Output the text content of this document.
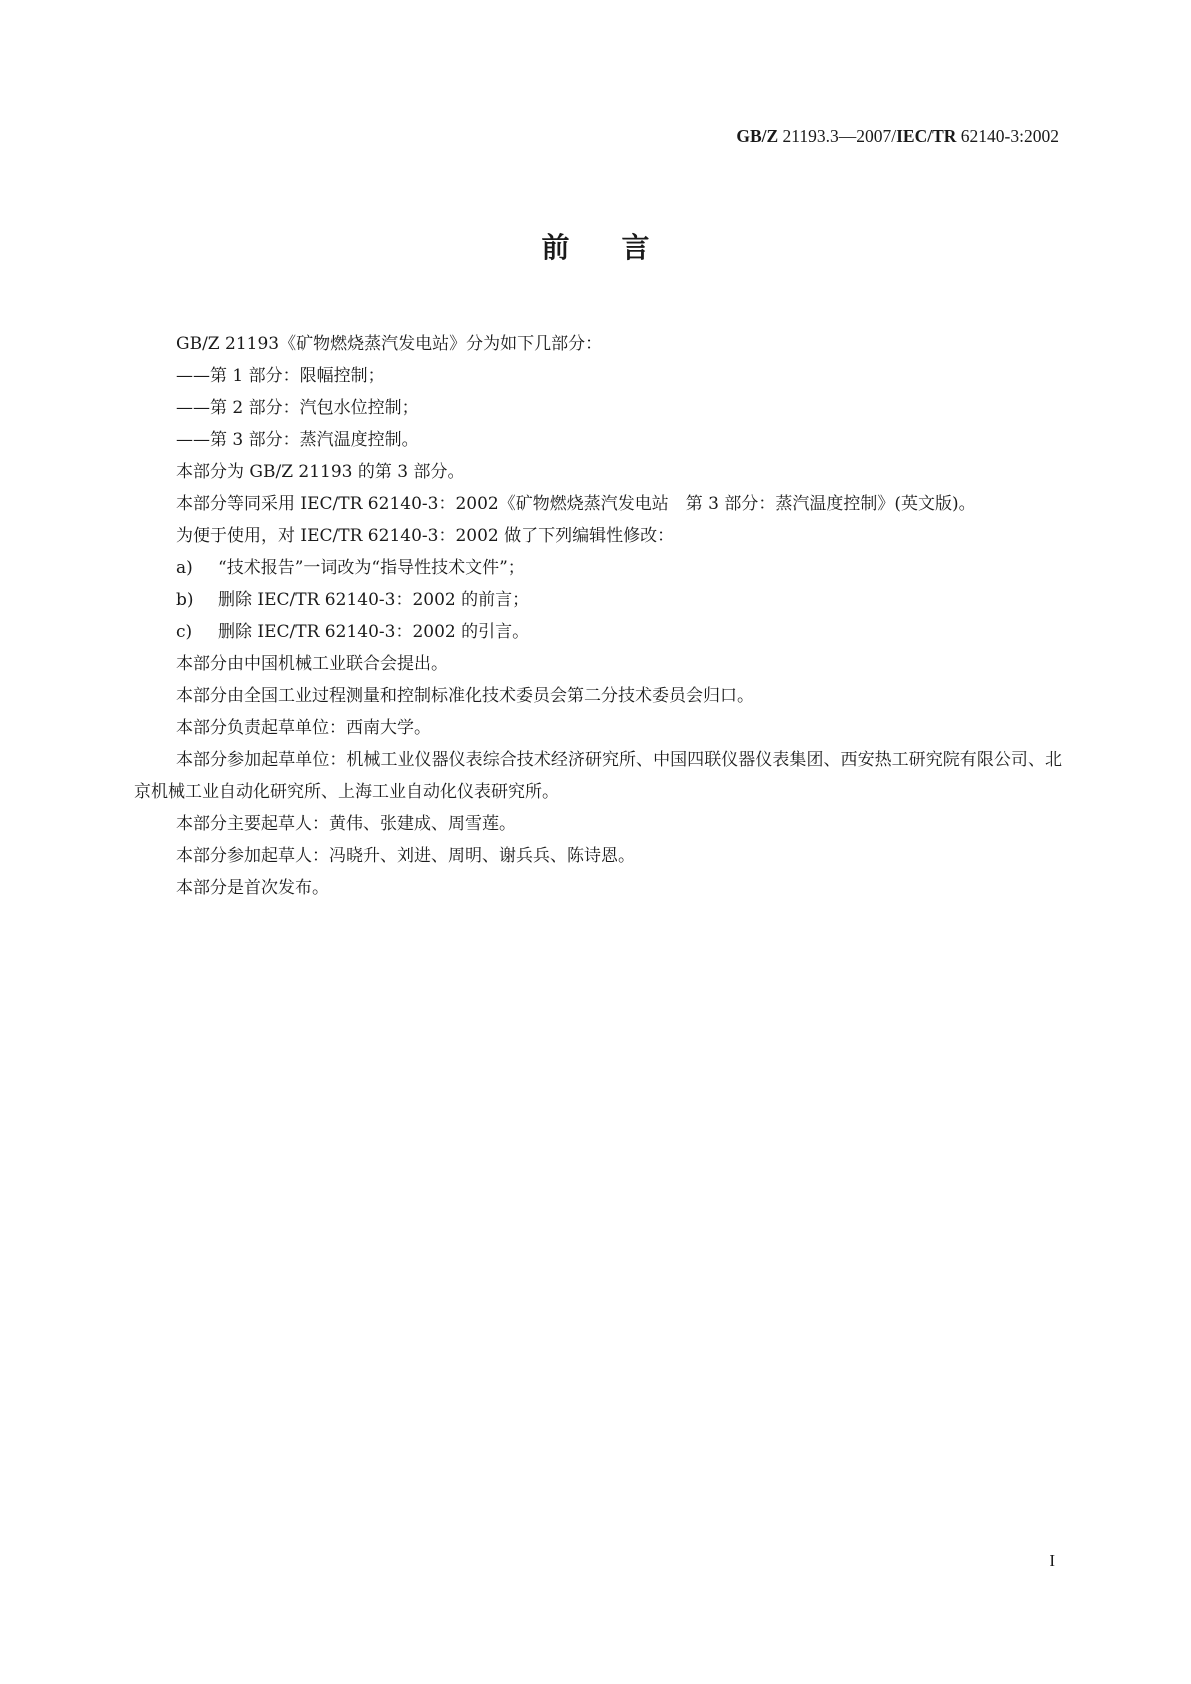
GB/Z 21193.3—2007/IEC/TR 62140-3:2002
前言
GB/Z 21193《矿物燃烧蒸汽发电站》分为如下几部分：
——第 1 部分：限幅控制；
——第 2 部分：汽包水位控制；
——第 3 部分：蒸汽温度控制。
本部分为 GB/Z 21193 的第 3 部分。
本部分等同采用 IEC/TR 62140-3：2002《矿物燃烧蒸汽发电站　第 3 部分：蒸汽温度控制》(英文版)。
为便于使用，对 IEC/TR 62140-3：2002 做了下列编辑性修改：
a) “技术报告”一词改为“指导性技术文件”；
b) 删除 IEC/TR 62140-3：2002 的前言；
c) 删除 IEC/TR 62140-3：2002 的引言。
本部分由中国机械工业联合会提出。
本部分由全国工业过程测量和控制标准化技术委员会第二分技术委员会归口。
本部分负责起草单位：西南大学。
本部分参加起草单位：机械工业仪器仪表综合技术经济研究所、中国四联仪器仪表集团、西安热工研究院有限公司、北京机械工业自动化研究所、上海工业自动化仪表研究所。
本部分主要起草人：黄伟、张建成、周雪莲。
本部分参加起草人：冯晓升、刘进、周明、谢兵兵、陈诗恩。
本部分是首次发布。
I
